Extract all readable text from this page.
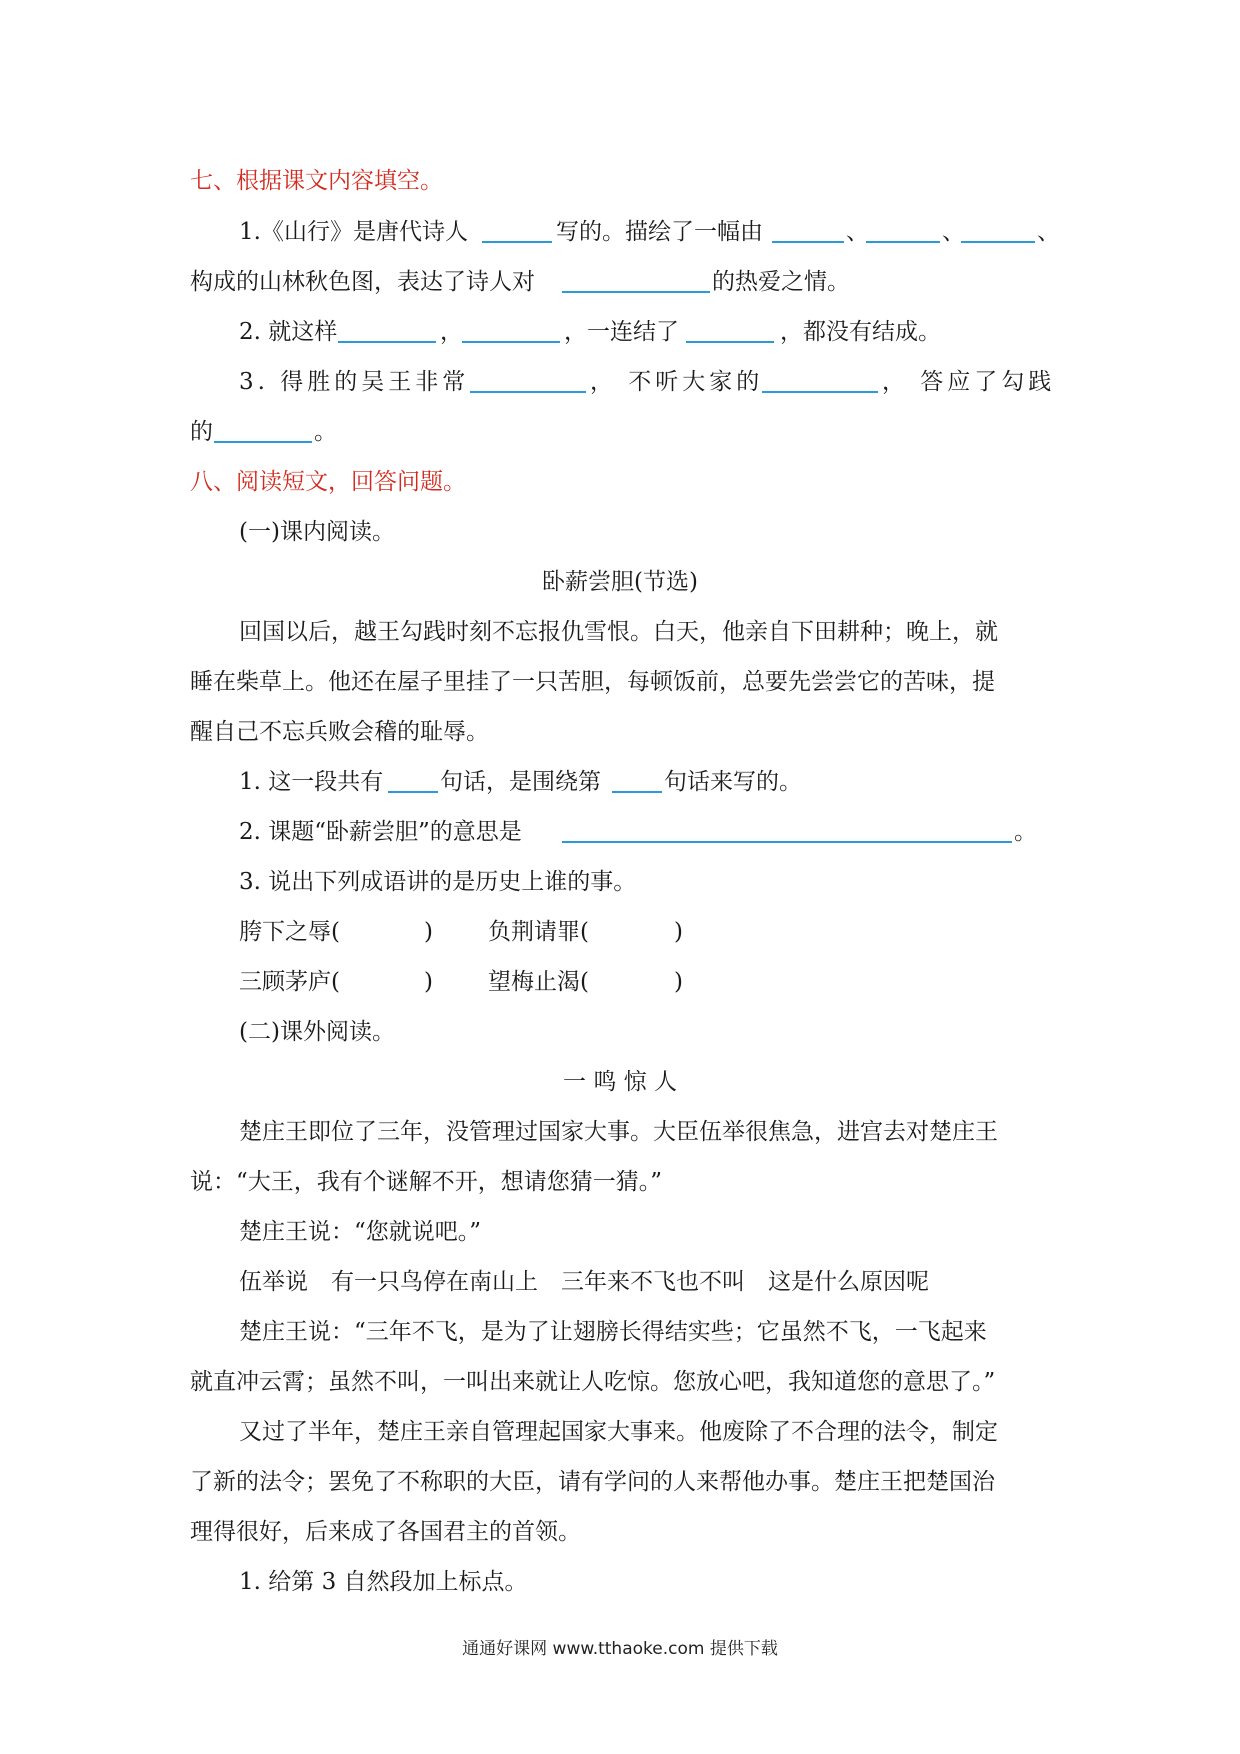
七、根据课文内容填空。
1.《山行》是唐代诗人	写的。描绘了一幅由	、	、	、
构成的山林秋色图，表达了诗人对	的热爱之情。
2. 就这样	，	，一连结了	，都没有结成。
3. 得胜的吴王非常	， 不听大家的	， 答应了勾践
的	。
八、阅读短文，回答问题。
(一)课内阅读。
卧薪尝胆(节选)
回国以后，越王勾践时刻不忘报仇雪恨。白天，他亲自下田耕种；晚上，就
睡在柴草上。他还在屋子里挂了一只苦胆，每顿饭前，总要先尝尝它的苦味，提
醒自己不忘兵败会稽的耻辱。
1. 这一段共有 句话，是围绕第	句话来写的。
2. 课题“卧薪尝胆”的意思是	。
3. 说出下列成语讲的是历史上谁的事。
胯下之辱(	) 负荆请罪(	)
三顾茅庐(	) 望梅止渴(	)
(二)课外阅读。
一 鸣 惊 人
楚庄王即位了三年，没管理过国家大事。大臣伍举很焦急，进宫去对楚庄王
说：“大王，我有个谜解不开，想请您猜一猜。”
楚庄王说：“您就说吧。”
伍举说　有一只鸟停在南山上　三年来不飞也不叫　这是什么原因呢
楚庄王说：“三年不飞，是为了让翅膀长得结实些；它虽然不飞，一飞起来
就直冲云霄；虽然不叫，一叫出来就让人吃惊。您放心吧，我知道您的意思了。”
又过了半年，楚庄王亲自管理起国家大事来。他废除了不合理的法令，制定
了新的法令；罢免了不称职的大臣，请有学问的人来帮他办事。楚庄王把楚国治
理得很好，后来成了各国君主的首领。
1. 给第 3 自然段加上标点。
通通好课网 www.tthaoke.com 提供下载
